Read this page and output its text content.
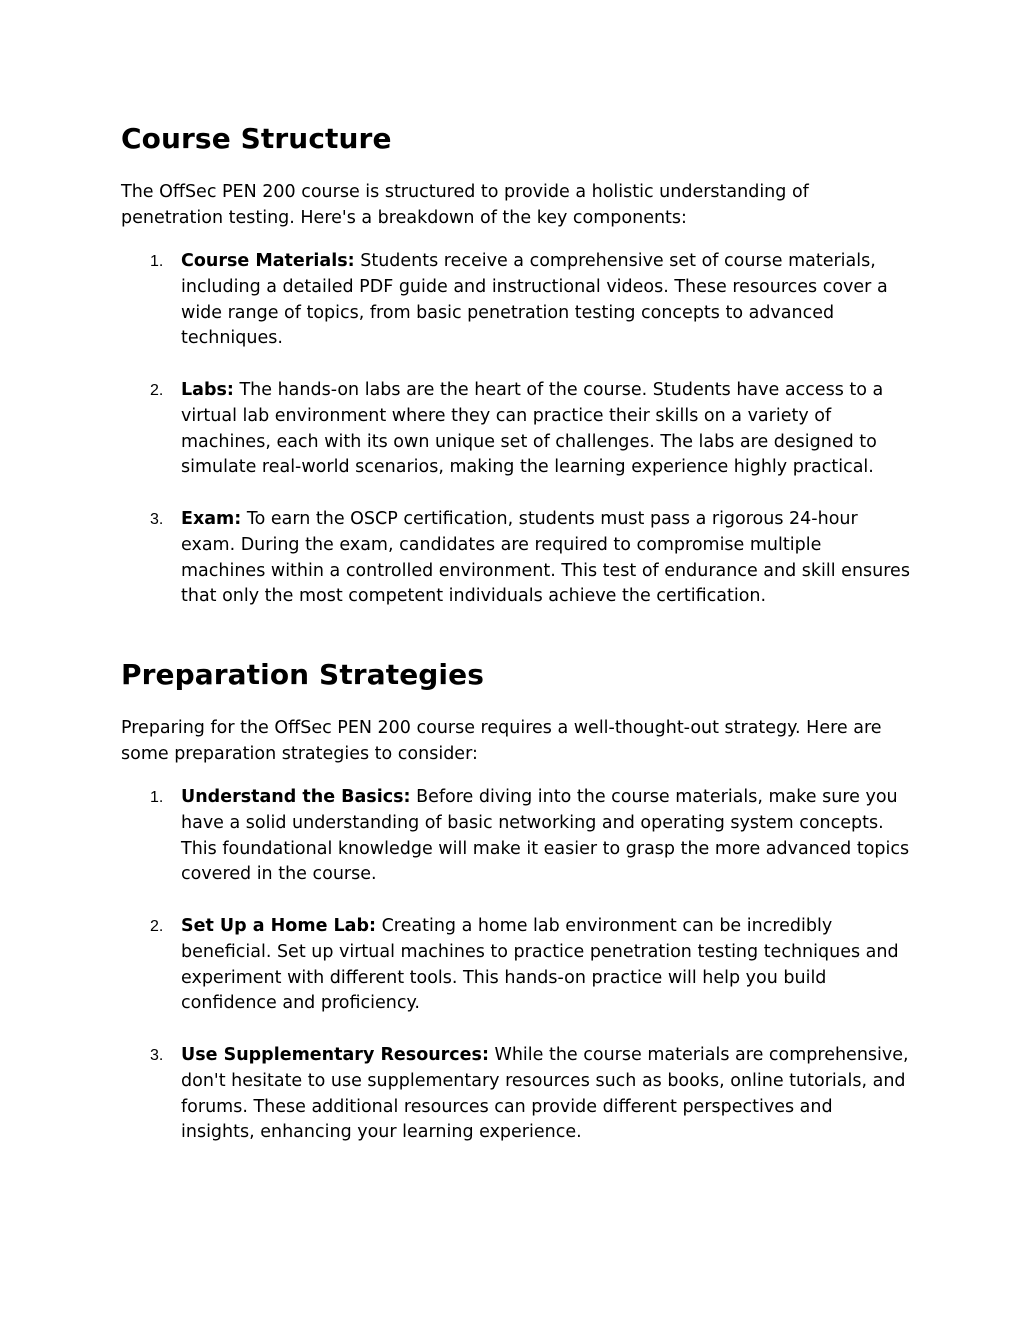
Course Structure

The OffSec PEN 200 course is structured to provide a holistic understanding of penetration testing. Here's a breakdown of the key components:

1. Course Materials: Students receive a comprehensive set of course materials, including a detailed PDF guide and instructional videos. These resources cover a wide range of topics, from basic penetration testing concepts to advanced techniques.
2. Labs: The hands-on labs are the heart of the course. Students have access to a virtual lab environment where they can practice their skills on a variety of machines, each with its own unique set of challenges. The labs are designed to simulate real-world scenarios, making the learning experience highly practical.
3. Exam: To earn the OSCP certification, students must pass a rigorous 24-hour exam. During the exam, candidates are required to compromise multiple machines within a controlled environment. This test of endurance and skill ensures that only the most competent individuals achieve the certification.
Preparation Strategies

Preparing for the OffSec PEN 200 course requires a well-thought-out strategy. Here are some preparation strategies to consider:

1. Understand the Basics: Before diving into the course materials, make sure you have a solid understanding of basic networking and operating system concepts. This foundational knowledge will make it easier to grasp the more advanced topics covered in the course.
2. Set Up a Home Lab: Creating a home lab environment can be incredibly beneficial. Set up virtual machines to practice penetration testing techniques and experiment with different tools. This hands-on practice will help you build confidence and proficiency.
3. Use Supplementary Resources: While the course materials are comprehensive, don't hesitate to use supplementary resources such as books, online tutorials, and forums. These additional resources can provide different perspectives and insights, enhancing your learning experience.
